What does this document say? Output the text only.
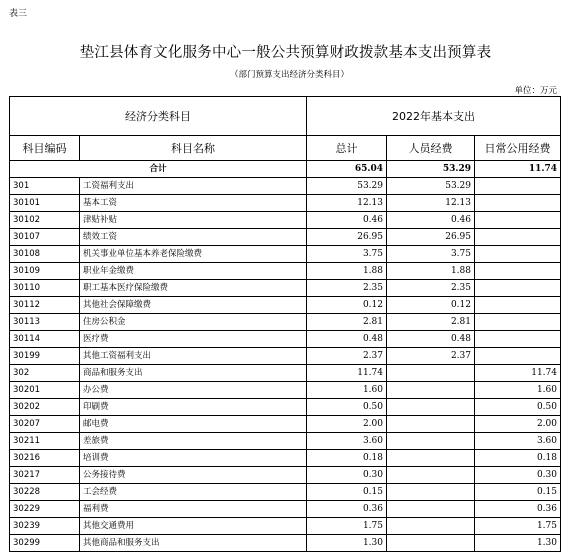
表三
垫江县体育文化服务中心一般公共预算财政拨款基本支出预算表
（部门预算支出经济分类科目）
单位：万元
经济分类科目		2022年基本支出		
科目编码	科目名称	总计	人员经费	日常公用经费
合计		65.04	53.29	11.74
301	工资福利支出	53.29	53.29	
30101	基本工资	12.13	12.13	
30102	津贴补贴	0.46	0.46	
30107	绩效工资	26.95	26.95	
30108	机关事业单位基本养老保险缴费	3.75	3.75	
30109	职业年金缴费	1.88	1.88	
30110	职工基本医疗保险缴费	2.35	2.35	
30112	其他社会保障缴费	0.12	0.12	
30113	住房公积金	2.81	2.81	
30114	医疗费	0.48	0.48	
30199	其他工资福利支出	2.37	2.37	
302	商品和服务支出	11.74		11.74
30201	办公费	1.60		1.60
30202	印刷费	0.50		0.50
30207	邮电费	2.00		2.00
30211	差旅费	3.60		3.60
30216	培训费	0.18		0.18
30217	公务接待费	0.30		0.30
30228	工会经费	0.15		0.15
30229	福利费	0.36		0.36
30239	其他交通费用	1.75		1.75
30299	其他商品和服务支出	1.30		1.30
